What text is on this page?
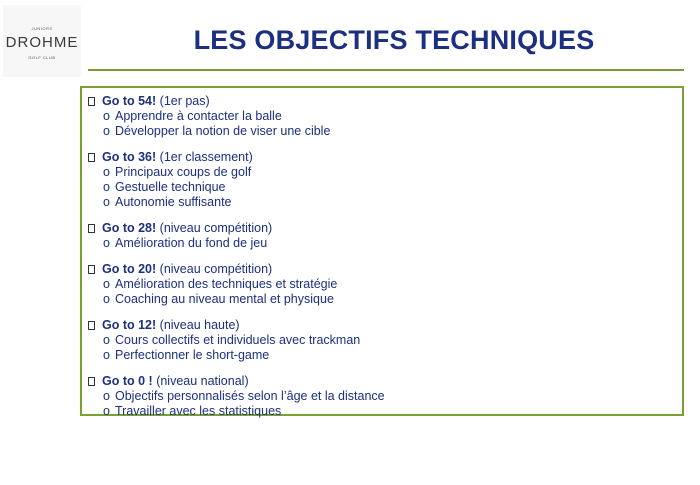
JUNIORS
DROHME
GOLF CLUB
LES OBJECTIFS TECHNIQUES
Go to 54! (1er pas)
o Apprendre à contacter la balle
o Développer la notion de viser une cible
Go to 36! (1er classement)
o Principaux coups de golf
o Gestuelle technique
o Autonomie suffisante
Go to 28! (niveau compétition)
o Amélioration du fond de jeu
Go to 20! (niveau compétition)
o Amélioration des techniques et stratégie
o Coaching au niveau mental et physique
Go to 12! (niveau haute)
o Cours collectifs et individuels avec trackman
o Perfectionner le short-game
Go to 0 ! (niveau national)
o Objectifs personnalisés selon l’âge et la distance
o Travailler avec les statistiques
